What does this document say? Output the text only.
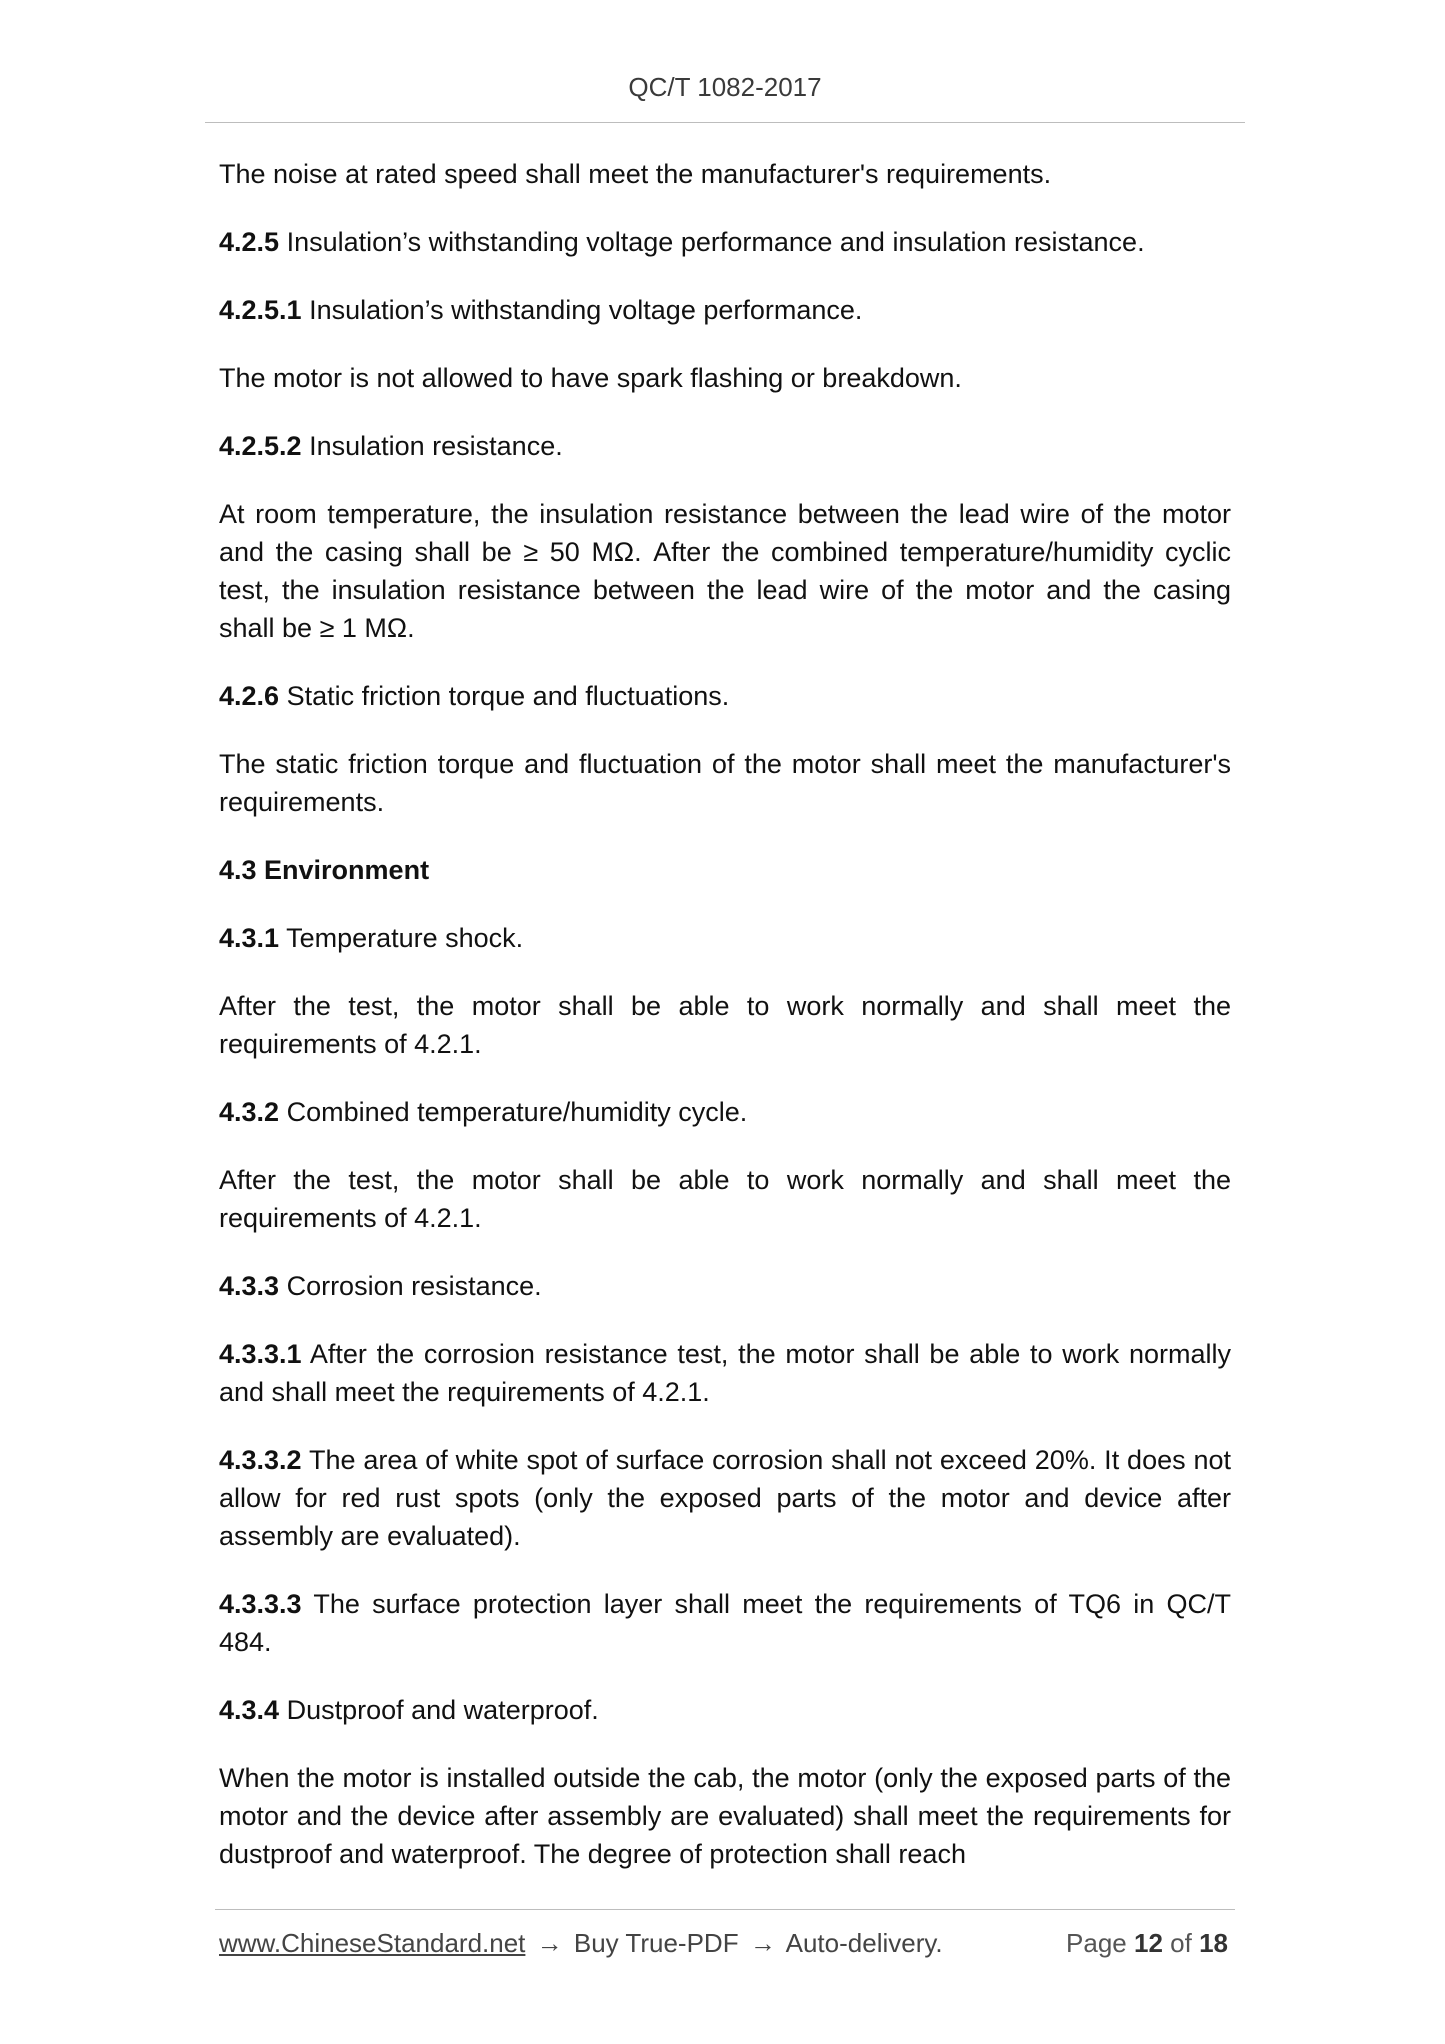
QC/T 1082-2017

The noise at rated speed shall meet the manufacturer's requirements.

4.2.5 Insulation’s withstanding voltage performance and insulation resistance.

4.2.5.1 Insulation’s withstanding voltage performance.

The motor is not allowed to have spark flashing or breakdown.

4.2.5.2 Insulation resistance.

At room temperature, the insulation resistance between the lead wire of the motor and the casing shall be ≥ 50 MΩ. After the combined temperature/humidity cyclic test, the insulation resistance between the lead wire of the motor and the casing shall be ≥ 1 MΩ.

4.2.6 Static friction torque and fluctuations.

The static friction torque and fluctuation of the motor shall meet the manufacturer's requirements.

4.3 Environment

4.3.1 Temperature shock.

After the test, the motor shall be able to work normally and shall meet the requirements of 4.2.1.

4.3.2 Combined temperature/humidity cycle.

After the test, the motor shall be able to work normally and shall meet the requirements of 4.2.1.

4.3.3 Corrosion resistance.

4.3.3.1 After the corrosion resistance test, the motor shall be able to work normally and shall meet the requirements of 4.2.1.

4.3.3.2 The area of white spot of surface corrosion shall not exceed 20%. It does not allow for red rust spots (only the exposed parts of the motor and device after assembly are evaluated).

4.3.3.3 The surface protection layer shall meet the requirements of TQ6 in QC/T 484.

4.3.4 Dustproof and waterproof.

When the motor is installed outside the cab, the motor (only the exposed parts of the motor and the device after assembly are evaluated) shall meet the requirements for dustproof and waterproof. The degree of protection shall reach

www.ChineseStandard.net → Buy True-PDF → Auto-delivery.	Page 12 of 18
